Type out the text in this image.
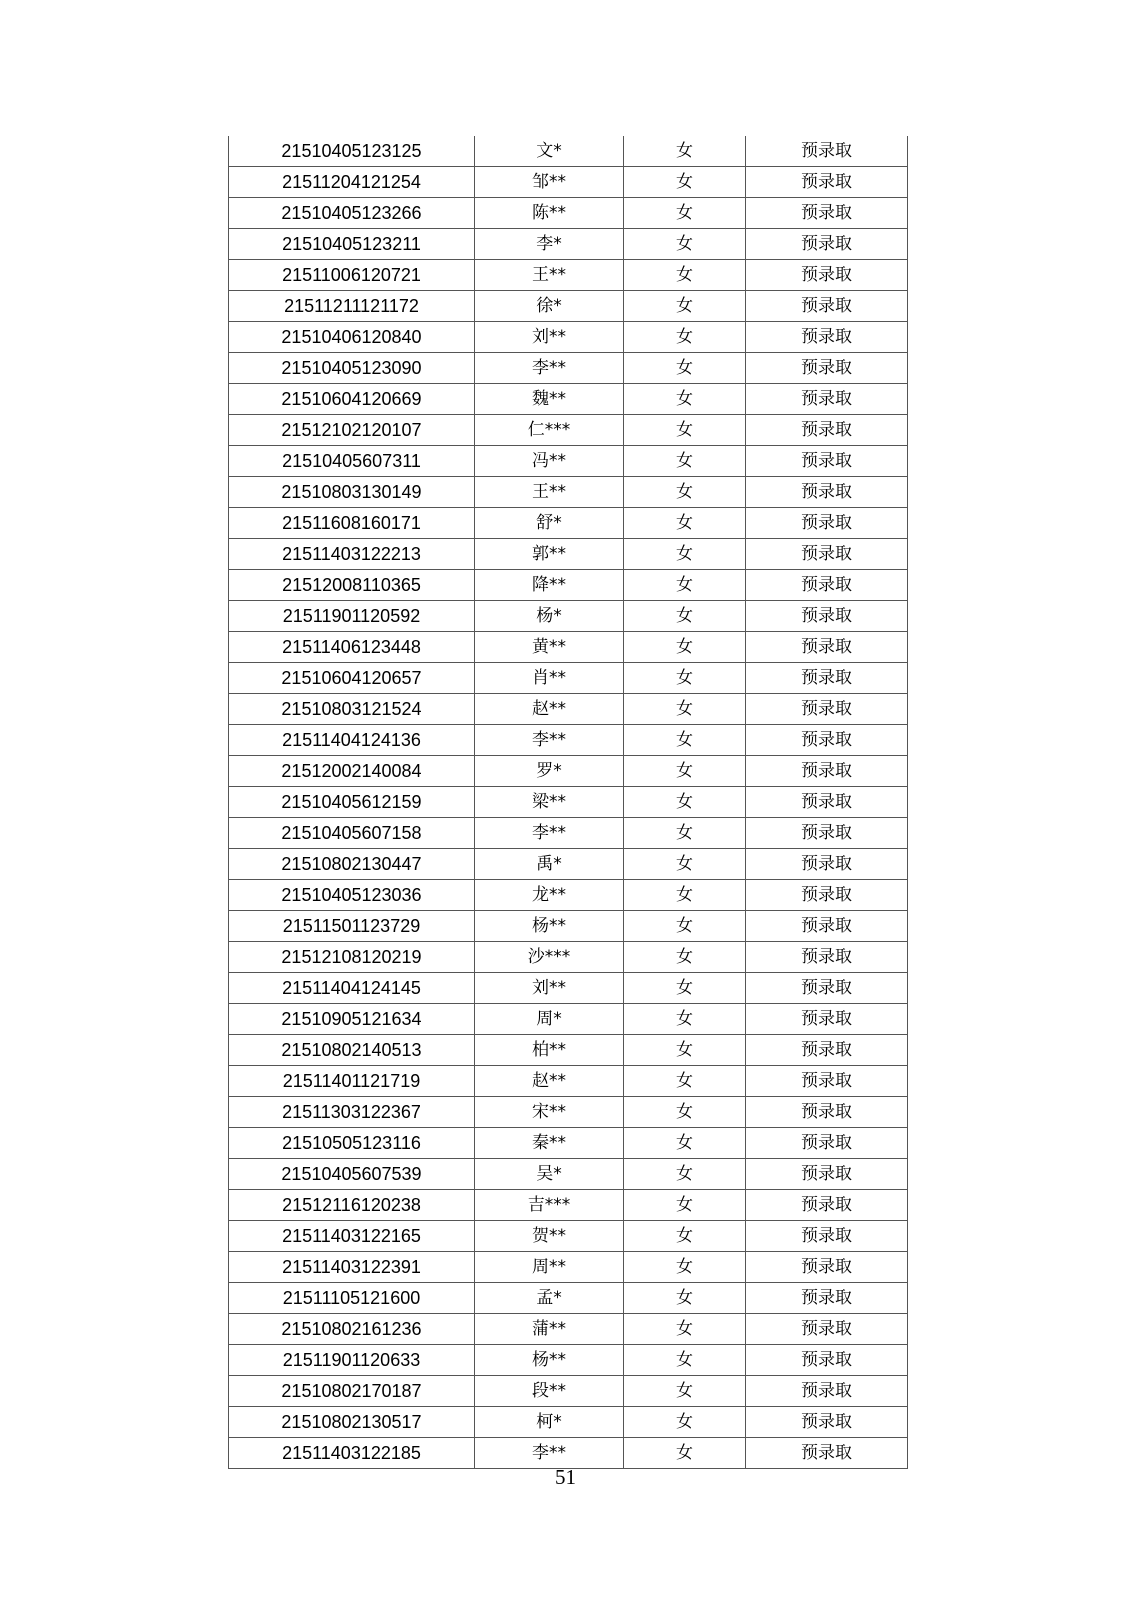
21510405123125	文*	女	预录取
21511204121254	邹**	女	预录取
21510405123266	陈**	女	预录取
21510405123211	李*	女	预录取
21511006120721	王**	女	预录取
21511211121172	徐*	女	预录取
21510406120840	刘**	女	预录取
21510405123090	李**	女	预录取
21510604120669	魏**	女	预录取
21512102120107	仁***	女	预录取
21510405607311	冯**	女	预录取
21510803130149	王**	女	预录取
21511608160171	舒*	女	预录取
21511403122213	郭**	女	预录取
21512008110365	降**	女	预录取
21511901120592	杨*	女	预录取
21511406123448	黄**	女	预录取
21510604120657	肖**	女	预录取
21510803121524	赵**	女	预录取
21511404124136	李**	女	预录取
21512002140084	罗*	女	预录取
21510405612159	梁**	女	预录取
21510405607158	李**	女	预录取
21510802130447	禹*	女	预录取
21510405123036	龙**	女	预录取
21511501123729	杨**	女	预录取
21512108120219	沙***	女	预录取
21511404124145	刘**	女	预录取
21510905121634	周*	女	预录取
21510802140513	柏**	女	预录取
21511401121719	赵**	女	预录取
21511303122367	宋**	女	预录取
21510505123116	秦**	女	预录取
21510405607539	吴*	女	预录取
21512116120238	吉***	女	预录取
21511403122165	贺**	女	预录取
21511403122391	周**	女	预录取
21511105121600	孟*	女	预录取
21510802161236	蒲**	女	预录取
21511901120633	杨**	女	预录取
21510802170187	段**	女	预录取
21510802130517	柯*	女	预录取
21511403122185	李**	女	预录取
51
